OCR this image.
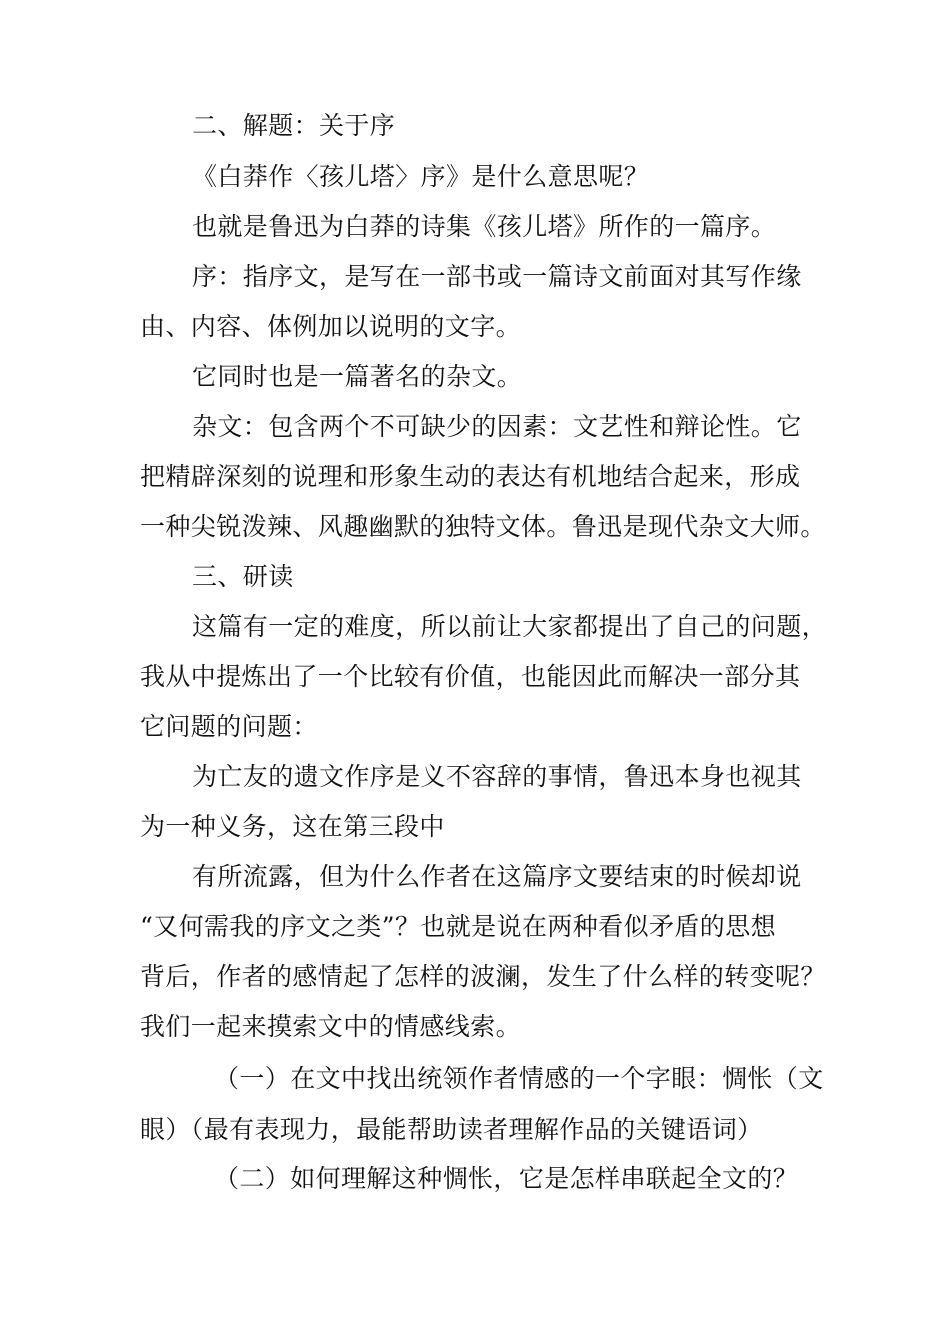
二、解题：关于序
《白莽作〈孩儿塔〉序》是什么意思呢？
也就是鲁迅为白莽的诗集《孩儿塔》所作的一篇序。
序：指序文，是写在一部书或一篇诗文前面对其写作缘
由、内容、体例加以说明的文字。
它同时也是一篇著名的杂文。
杂文：包含两个不可缺少的因素：文艺性和辩论性。它
把精辟深刻的说理和形象生动的表达有机地结合起来，形成
一种尖锐泼辣、风趣幽默的独特文体。鲁迅是现代杂文大师。
三、研读
这篇有一定的难度，所以前让大家都提出了自己的问题，
我从中提炼出了一个比较有价值，也能因此而解决一部分其
它问题的问题：
为亡友的遗文作序是义不容辞的事情，鲁迅本身也视其
为一种义务，这在第三段中
有所流露，但为什么作者在这篇序文要结束的时候却说
“又何需我的序文之类”？也就是说在两种看似矛盾的思想
背后，作者的感情起了怎样的波澜，发生了什么样的转变呢？
我们一起来摸索文中的情感线索。
（一）在文中找出统领作者情感的一个字眼：惆怅（文
眼）（最有表现力，最能帮助读者理解作品的关键语词）
（二）如何理解这种惆怅，它是怎样串联起全文的？
